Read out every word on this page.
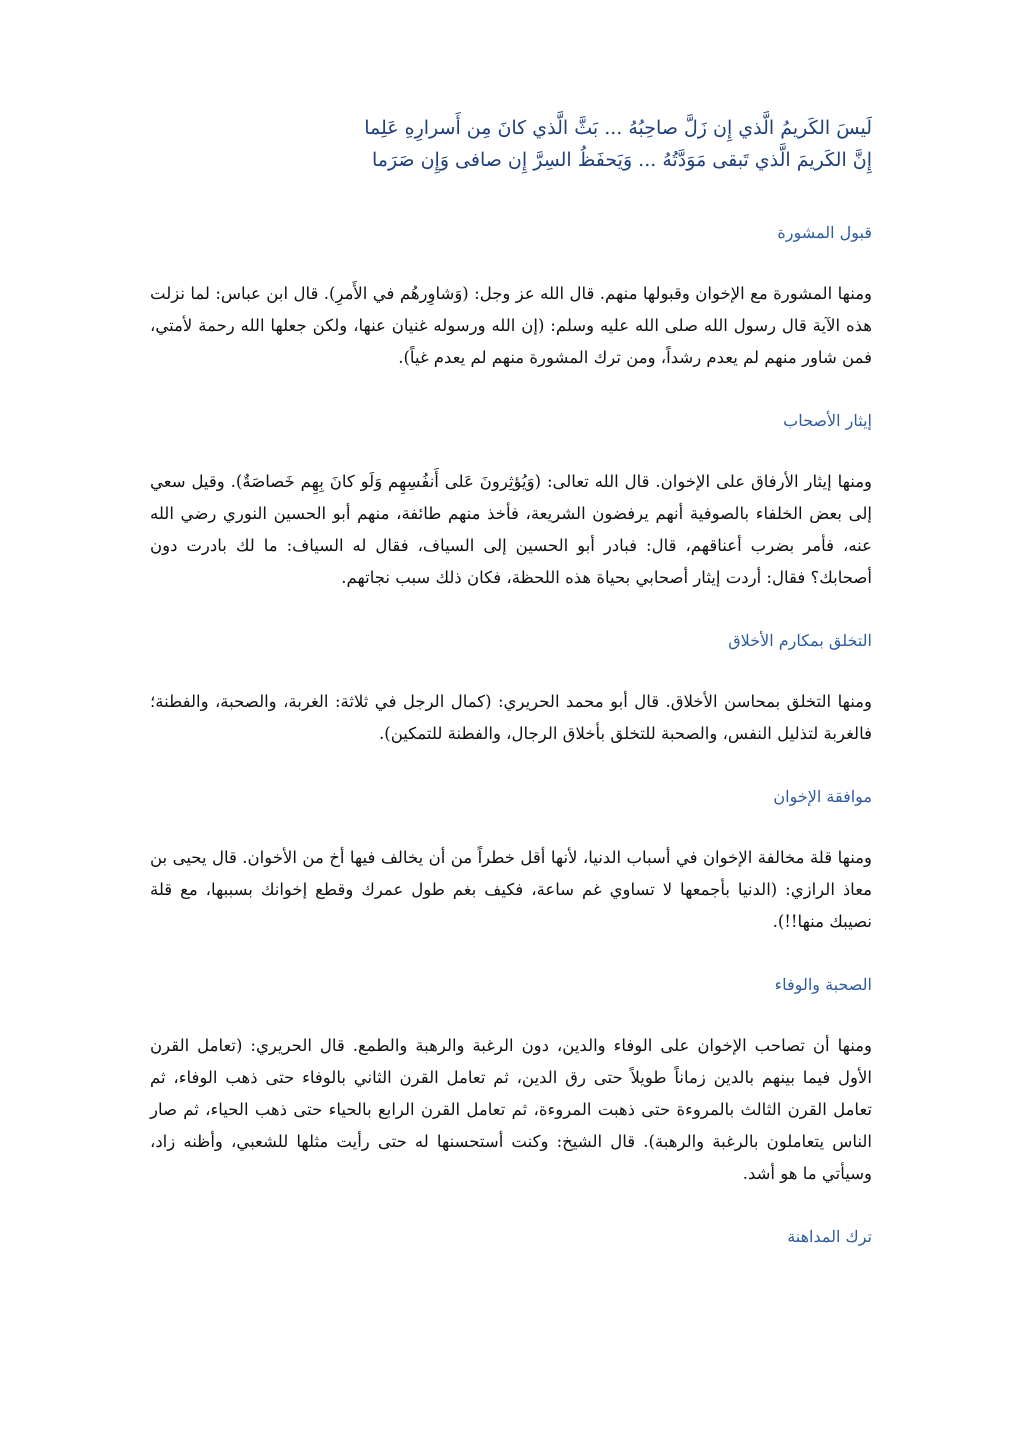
لَيسَ الكَريمُ الَّذي إِن زَلَّ صاحِبُهُ ... بَثَّ الَّذي كانَ مِن أَسرارِهِ عَلِما

إِنَّ الكَريمَ الَّذي تَبقى مَوَدَّتُهُ ... وَيَحفَظُ السِرَّ إِن صافى وَإِن صَرَما

قبول المشورة

ومنها المشورة مع الإخوان وقبولها منهم. قال الله عز وجل: (وَشاوِرهُم في الأَمرِ). قال ابن عباس: لما نزلت هذه الآية قال رسول الله صلى الله عليه وسلم: (إن الله ورسوله غنيان عنها، ولكن جعلها الله رحمة لأمتي، فمن شاور منهم لم يعدم رشداً، ومن ترك المشورة منهم لم يعدم غياً).

إيثار الأصحاب

ومنها إيثار الأرفاق على الإخوان. قال الله تعالى: (وَيُؤثِرونَ عَلى أَنفُسِهِم وَلَو كانَ بِهِم خَصاصَةٌ). وقيل سعي إلى بعض الخلفاء بالصوفية أنهم يرفضون الشريعة، فأخذ منهم طائفة، منهم أبو الحسين النوري رضي الله عنه، فأمر بضرب أعناقهم، قال: فبادر أبو الحسين إلى السياف، فقال له السياف: ما لك بادرت دون أصحابك؟ فقال: أردت إيثار أصحابي بحياة هذه اللحظة، فكان ذلك سبب نجاتهم.

التخلق بمكارم الأخلاق

ومنها التخلق بمحاسن الأخلاق. قال أبو محمد الحريري: (كمال الرجل في ثلاثة: الغربة، والصحبة، والفطنة؛ فالغربة لتذليل النفس، والصحبة للتخلق بأخلاق الرجال، والفطنة للتمكين).

موافقة الإخوان

ومنها قلة مخالفة الإخوان في أسباب الدنيا، لأنها أقل خطراً من أن يخالف فيها أخ من الأخوان. قال يحيى بن معاذ الرازي: (الدنيا بأجمعها لا تساوي غم ساعة، فكيف بغم طول عمرك وقطع إخوانك بسببها، مع قلة نصيبك منها!!).

الصحبة والوفاء

ومنها أن تصاحب الإخوان على الوفاء والدين، دون الرغبة والرهبة والطمع. قال الحريري: (تعامل القرن الأول فيما بينهم بالدين زماناً طويلاً حتى رق الدين، ثم تعامل القرن الثاني بالوفاء حتى ذهب الوفاء، ثم تعامل القرن الثالث بالمروءة حتى ذهبت المروءة، ثم تعامل القرن الرابع بالحياء حتى ذهب الحياء، ثم صار الناس يتعاملون بالرغبة والرهبة). قال الشيخ: وكنت أستحسنها له حتى رأيت مثلها للشعبي، وأظنه زاد، وسيأتي ما هو أشد.

ترك المداهنة
